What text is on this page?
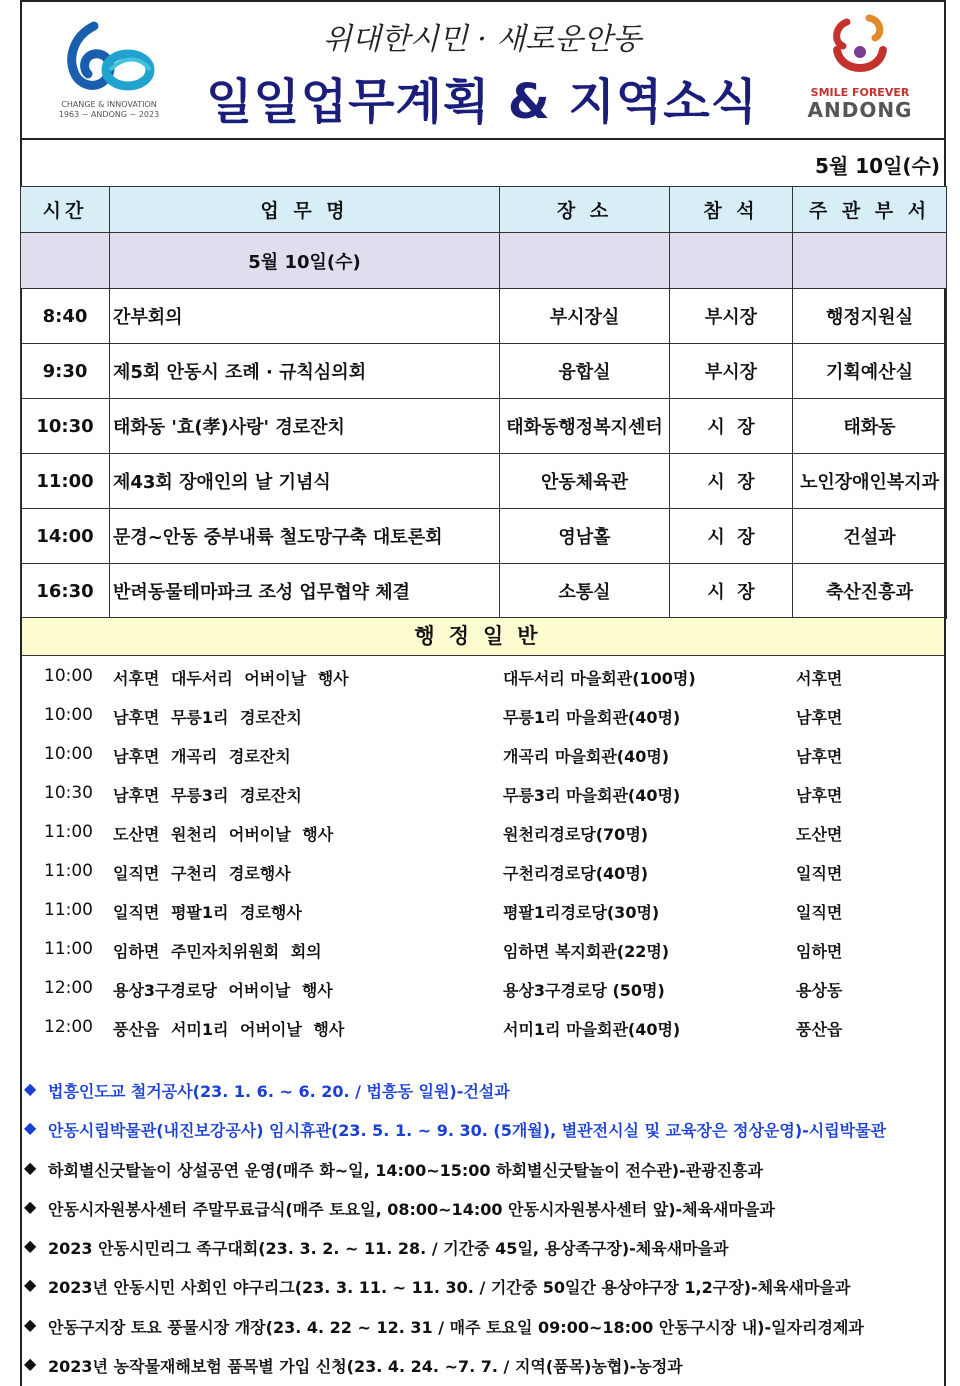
CHANGE & INNOVATION
1963 ~ ANDONG ~ 2023
위대한시민 · 새로운안동
일일업무계획 & 지역소식	SMILE FOREVER
ANDONG
5월 10일(수)
시간	업 무 명	장 소	참 석	주 관 부 서
	5월 10일(수)			
8:40	간부회의	부시장실	부시장	행정지원실
9:30	제5회 안동시 조례 · 규칙심의회	융합실	부시장	기획예산실
10:30	태화동 '효(孝)사랑' 경로잔치	태화동행정복지센터	시  장	태화동
11:00	제43회 장애인의 날 기념식	안동체육관	시  장	노인장애인복지과
14:00	문경~안동 중부내륙 철도망구축 대토론회	영남홀	시  장	건설과
16:30	반려동물테마파크 조성 업무협약 체결	소통실	시  장	축산진흥과
행정일반
10:00 서후면 대두서리 어버이날 행사	대두서리 마을회관(100명)	서후면
10:00 남후면 무릉1리 경로잔치	무릉1리 마을회관(40명)	남후면
10:00 남후면 개곡리 경로잔치	개곡리 마을회관(40명)	남후면
10:30 남후면 무릉3리 경로잔치	무릉3리 마을회관(40명)	남후면
11:00 도산면 원천리 어버이날 행사	원천리경로당(70명)	도산면
11:00 일직면 구천리 경로행사	구천리경로당(40명)	일직면
11:00 일직면 평팔1리 경로행사	평팔1리경로당(30명)	일직면
11:00 임하면 주민자치위원회 회의	임하면 복지회관(22명)	임하면
12:00 용상3구경로당 어버이날 행사	용상3구경로당 (50명)	용상동
12:00 풍산읍 서미1리 어버이날 행사	서미1리 마을회관(40명)	풍산읍
◆ 법흥인도교 철거공사(23. 1. 6. ~ 6. 20. / 법흥동 일원)-건설과
◆ 안동시립박물관(내진보강공사) 임시휴관(23. 5. 1. ~ 9. 30. (5개월), 별관전시실 및 교육장은 정상운영)-시립박물관
◆ 하회별신굿탈놀이 상설공연 운영(매주 화~일, 14:00~15:00 하회별신굿탈놀이 전수관)-관광진흥과
◆ 안동시자원봉사센터 주말무료급식(매주 토요일, 08:00~14:00 안동시자원봉사센터 앞)-체육새마을과
◆ 2023 안동시민리그 족구대회(23. 3. 2. ~ 11. 28. / 기간중 45일, 용상족구장)-체육새마을과
◆ 2023년 안동시민 사회인 야구리그(23. 3. 11. ~ 11. 30. / 기간중 50일간 용상야구장 1,2구장)-체육새마을과
◆ 안동구지장 토요 풍물시장 개장(23. 4. 22 ~ 12. 31 / 매주 토요일 09:00~18:00 안동구시장 내)-일자리경제과
◆ 2023년 농작물재해보험 품목별 가입 신청(23. 4. 24. ~7. 7. / 지역(품목)농협)-농정과
